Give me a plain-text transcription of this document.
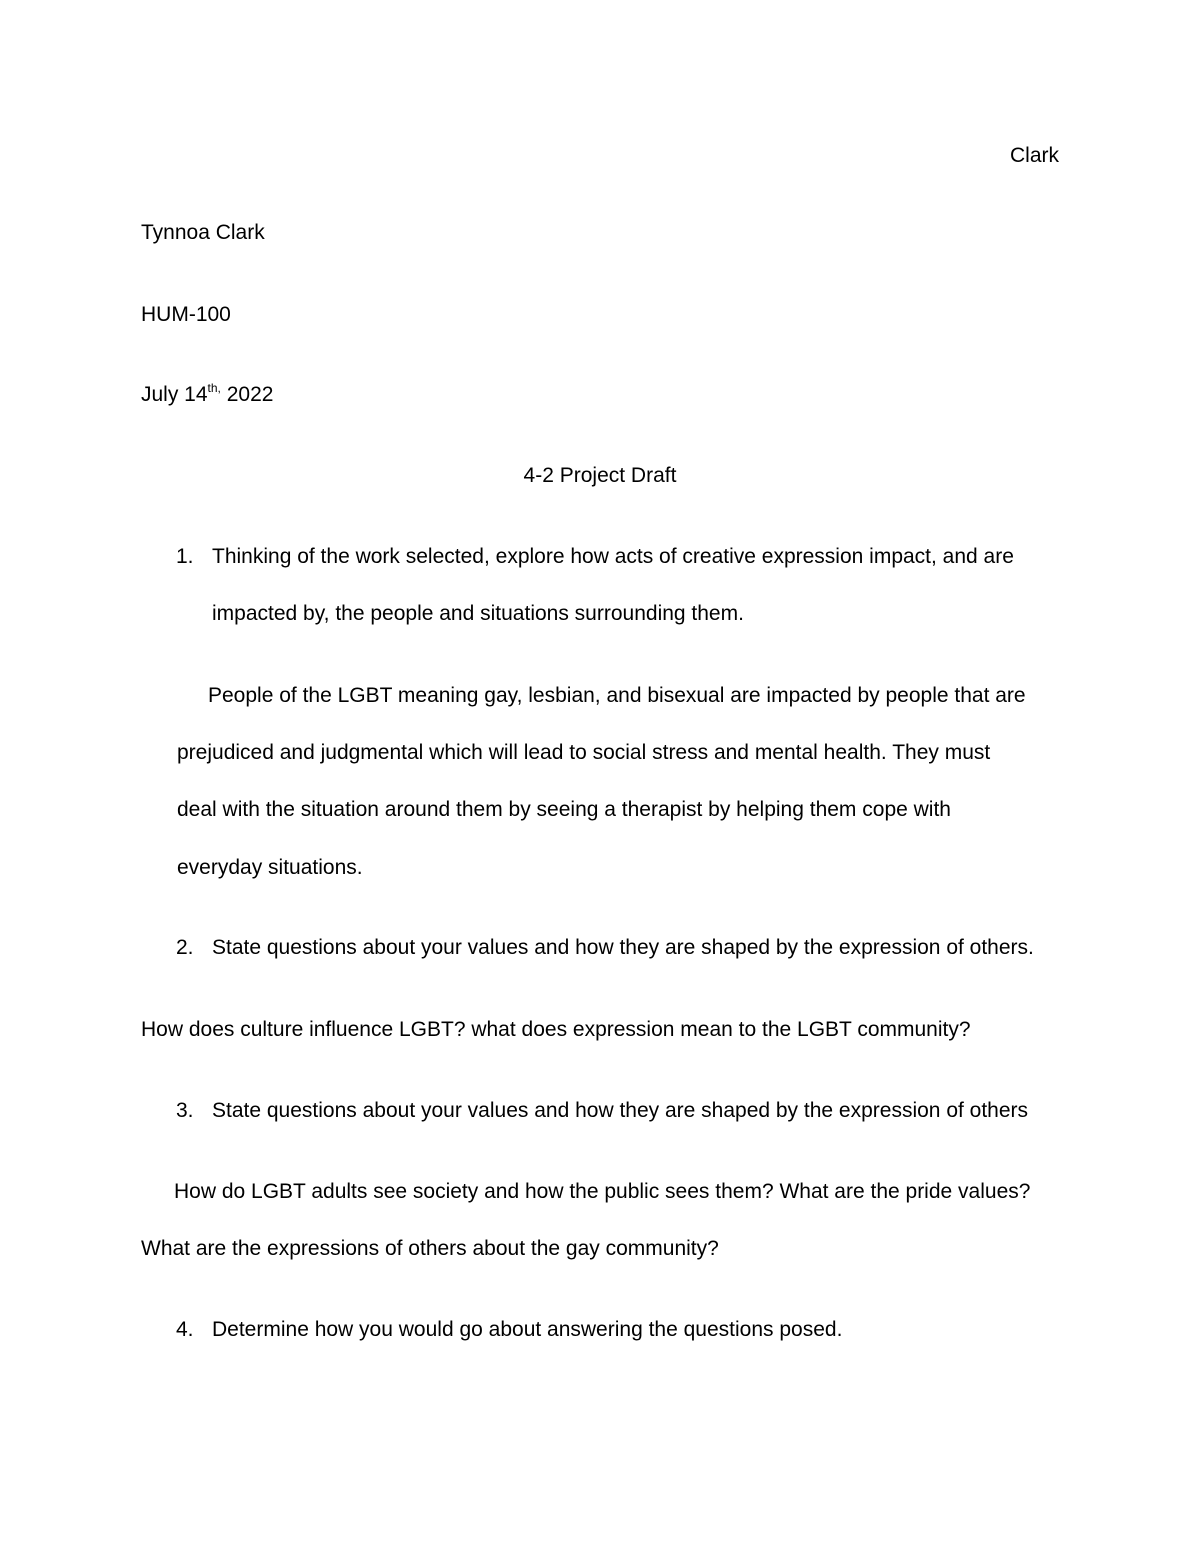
Clark
Tynnoa Clark
HUM-100
July $14^{th,}$ 2022
4-2 Project Draft
1. Thinking of the work selected, explore how acts of creative expression impact, and are
impacted by, the people and situations surrounding them.
People of the LGBT meaning gay, lesbian, and bisexual are impacted by people that are
prejudiced and judgmental which will lead to social stress and mental health. They must
deal with the situation around them by seeing a therapist by helping them cope with
everyday situations.
2. State questions about your values and how they are shaped by the expression of others.
How does culture influence LGBT? what does expression mean to the LGBT community?
3. State questions about your values and how they are shaped by the expression of others
How do LGBT adults see society and how the public sees them? What are the pride values?
What are the expressions of others about the gay community?
4. Determine how you would go about answering the questions posed.
